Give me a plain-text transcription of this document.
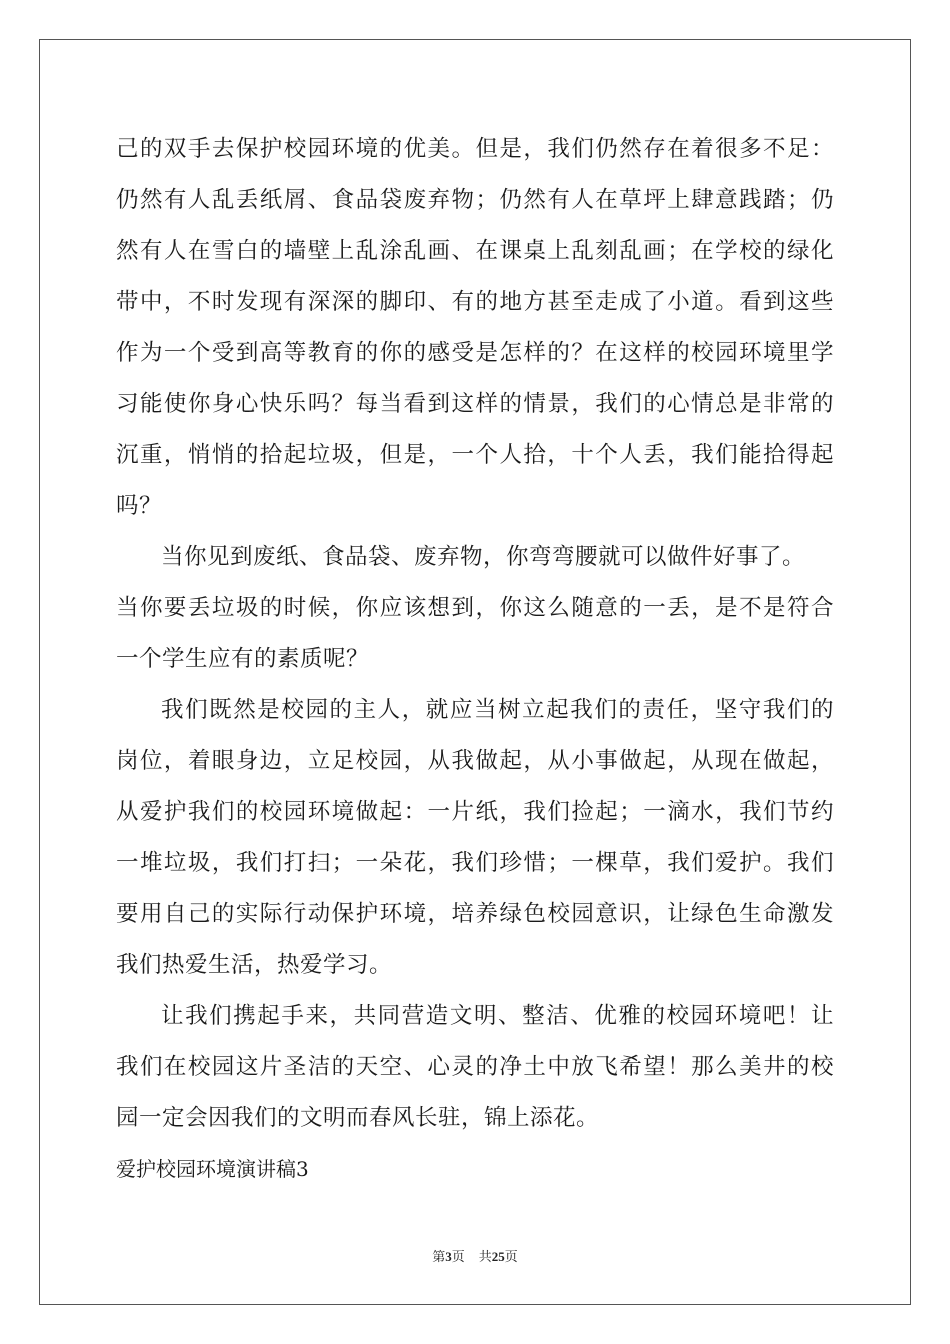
己的双手去保护校园环境的优美。但是，我们仍然存在着很多不足：
仍然有人乱丢纸屑、食品袋废弃物；仍然有人在草坪上肆意践踏；仍
然有人在雪白的墙壁上乱涂乱画、在课桌上乱刻乱画；在学校的绿化
带中，不时发现有深深的脚印、有的地方甚至走成了小道。看到这些
作为一个受到高等教育的你的感受是怎样的？在这样的校园环境里学
习能使你身心快乐吗？每当看到这样的情景，我们的心情总是非常的
沉重，悄悄的拾起垃圾，但是，一个人拾，十个人丢，我们能拾得起
吗？
当你见到废纸、食品袋、废弃物，你弯弯腰就可以做件好事了。
当你要丢垃圾的时候，你应该想到，你这么随意的一丢，是不是符合
一个学生应有的素质呢？
我们既然是校园的主人，就应当树立起我们的责任，坚守我们的
岗位，着眼身边，立足校园，从我做起，从小事做起，从现在做起，
从爱护我们的校园环境做起：一片纸，我们捡起；一滴水，我们节约
一堆垃圾，我们打扫；一朵花，我们珍惜；一棵草，我们爱护。我们
要用自己的实际行动保护环境，培养绿色校园意识，让绿色生命激发
我们热爱生活，热爱学习。
让我们携起手来，共同营造文明、整洁、优雅的校园环境吧！让
我们在校园这片圣洁的天空、心灵的净土中放飞希望！那么美井的校
园一定会因我们的文明而春风长驻，锦上添花。
爱护校园环境演讲稿3
第3页 共25页
